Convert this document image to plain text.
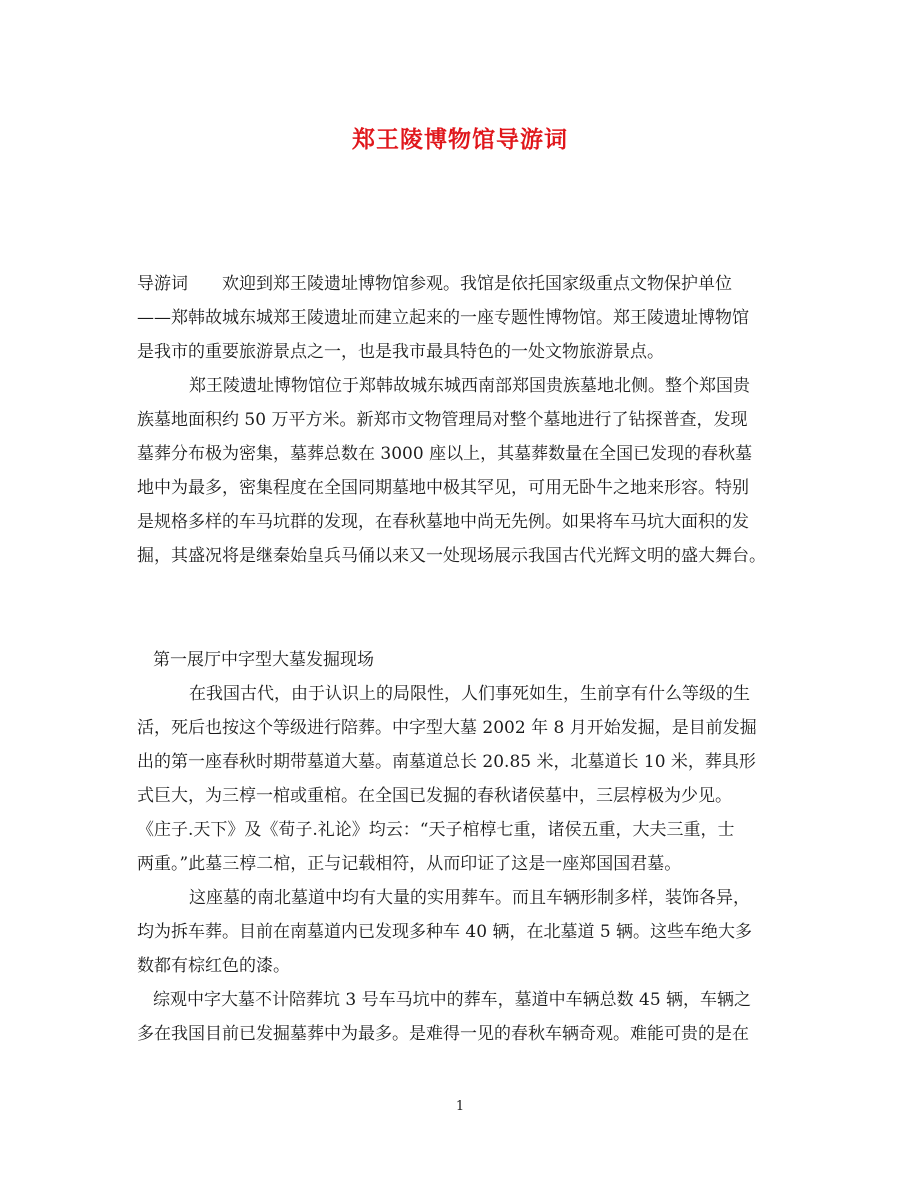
郑王陵博物馆导游词
导游词　　欢迎到郑王陵遗址博物馆参观。我馆是依托国家级重点文物保护单位
——郑韩故城东城郑王陵遗址而建立起来的一座专题性博物馆。郑王陵遗址博物馆
是我市的重要旅游景点之一，也是我市最具特色的一处文物旅游景点。
郑王陵遗址博物馆位于郑韩故城东城西南部郑国贵族墓地北侧。整个郑国贵
族墓地面积约 50 万平方米。新郑市文物管理局对整个墓地进行了钻探普查，发现
墓葬分布极为密集，墓葬总数在 3000 座以上，其墓葬数量在全国已发现的春秋墓
地中为最多，密集程度在全国同期墓地中极其罕见，可用无卧牛之地来形容。特别
是规格多样的车马坑群的发现，在春秋墓地中尚无先例。如果将车马坑大面积的发
掘，其盛况将是继秦始皇兵马俑以来又一处现场展示我国古代光辉文明的盛大舞台。
第一展厅中字型大墓发掘现场
在我国古代，由于认识上的局限性，人们事死如生，生前享有什么等级的生
活，死后也按这个等级进行陪葬。中字型大墓 2002 年 8 月开始发掘，是目前发掘
出的第一座春秋时期带墓道大墓。南墓道总长 20.85 米，北墓道长 10 米，葬具形
式巨大，为三椁一棺或重棺。在全国已发掘的春秋诸侯墓中，三层椁极为少见。
《庄子.天下》及《荀子.礼论》均云：“天子棺椁七重，诸侯五重，大夫三重，士
两重。”此墓三椁二棺，正与记载相符，从而印证了这是一座郑国国君墓。
这座墓的南北墓道中均有大量的实用葬车。而且车辆形制多样，装饰各异，
均为拆车葬。目前在南墓道内已发现多种车 40 辆，在北墓道 5 辆。这些车绝大多
数都有棕红色的漆。
综观中字大墓不计陪葬坑 3 号车马坑中的葬车，墓道中车辆总数 45 辆，车辆之
多在我国目前已发掘墓葬中为最多。是难得一见的春秋车辆奇观。难能可贵的是在
1
